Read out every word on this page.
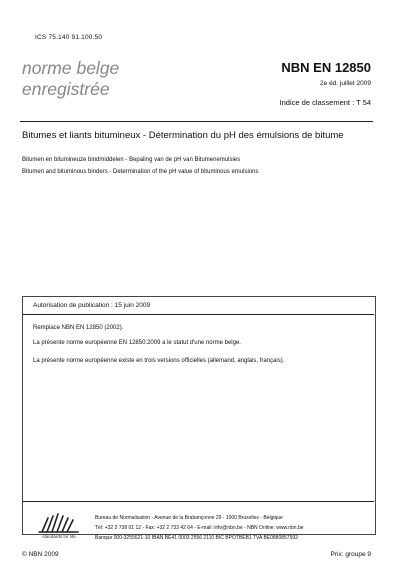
ICS 75.140 91.100.50
norme belge
enregistrée
NBN EN 12850
2e éd. juillet 2009
Indice de classement : T 54
Bitumes et liants bitumineux - Détermination du pH des émulsions de bitume
Bitumen en bitumineuze bindmiddelen - Bepaling van de pH van Bitumenemulsies
Bitumen and bituminous binders - Determination of the pH value of bituminous emulsions
Autorisation de publication : 15 juin 2009
Remplace NBN EN 12850 (2002).
La présente norme européenne EN 12850:2009 a le statut d'une norme belge.
La présente norme européenne existe en trois versions officielles (allemand, anglais, français).
standards for life
Bureau de Normalisation - Avenue de la Brabançonne 29 - 1000 Bruxelles - Belgique
Tél: +32 2 738 01 12 - Fax: +32 2 733 42 64 - E-mail: info@nbn.be - NBN Online: www.nbn.be
Banque 000-3255621-10 IBAN BE41 0003 2556 2110 BIC BPOTBEB1 TVA BE0880857592
© NBN 2009	Prix: groupe 9
